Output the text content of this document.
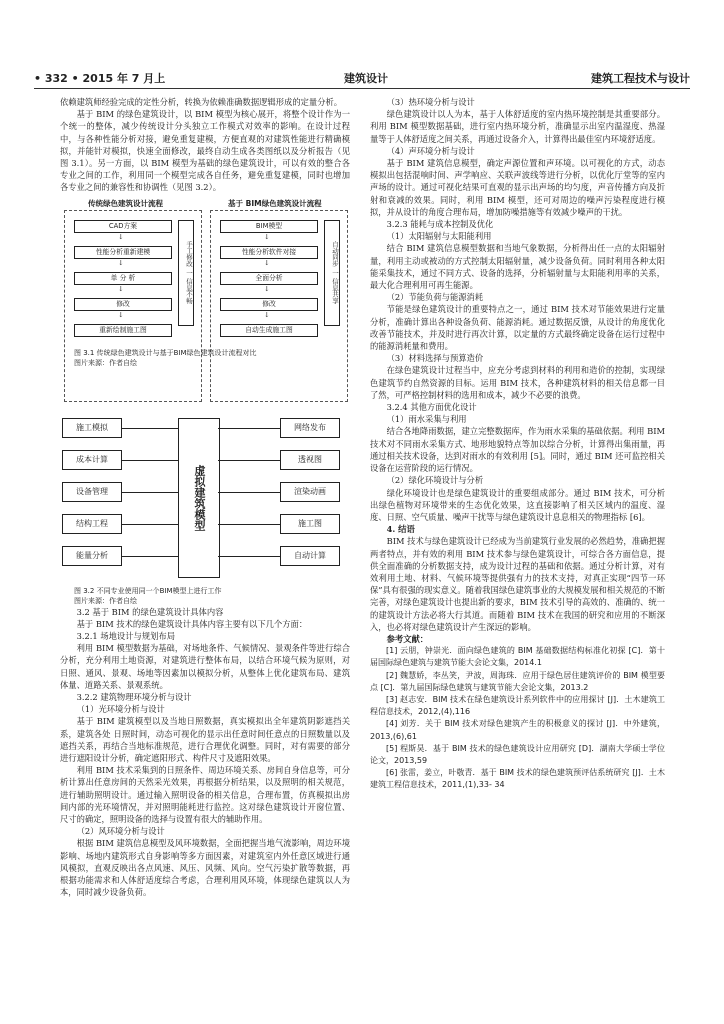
• 332 • 2015 年 7 月上	建筑设计	建筑工程技术与设计

依赖建筑师经验完成的定性分析，转换为依赖准确数据逻辑形成的定量分析。

基于 BIM 的绿色建筑设计，以 BIM 模型为核心展开，将整个设计作为一个统一的整体，减少传统设计分头独立工作模式对效率的影响。在设计过程中，与各种性能分析对接，避免重复建模，方便直观的对建筑性能进行精确模拟，并能针对模拟，快速全面修改，最终自动生成各类图纸以及分析报告（见图 3.1）。另一方面，以 BIM 模型为基础的绿色建筑设计，可以有效的整合各专业之间的工作，利用同一个模型完成各自任务，避免重复建模，同时也增加各专业之间的兼容性和协调性（见图 3.2）。

传统绿色建筑设计流程	基于 BIM绿色建筑设计流程
CAD方案
↓
性能分析重新建模
↓
单 分 析
↓
修改
↓
重新绘制施工图
手工修改 一 信息不畅
BIM模型
↓
性能分析软件对接
↓
全面分析
↓
修改
↓
自动生成施工图
自动同步 一 信息共享

图 3.1 传统绿色建筑设计与基于BIM绿色建筑设计流程对比

图片来源：作者自绘

施工模拟
成本计算
设备管理
结构工程
能量分析
虚拟建筑模型
网络发布
透视图
渲染动画
施工图
自动计算

图 3.2 不同专业使用同一个BIM模型上进行工作

图片来源：作者自绘

3.2 基于 BIM 的绿色建筑设计具体内容

基于 BIM 技术的绿色建筑设计具体内容主要有以下几个方面：

3.2.1 场地设计与规划布局

利用 BIM 模型数据为基础，对场地条件、气候情况、景观条件等进行综合分析，充分利用土地资源，对建筑进行整体布局，以结合环境气候为原则，对日照、通风、景观、场地等因素加以模拟分析，从整体上优化建筑布局、建筑体量、道路关系、景观系统。

3.2.2 建筑物理环境分析与设计

（1）光环境分析与设计

基于 BIM 建筑模型以及当地日照数据，真实模拟出全年建筑阴影遮挡关系，建筑各处 日照时间，动态可视化的显示出任意时间任意点的日照数量以及遮挡关系，再结合当地标准规范，进行合理优化调整。同时，对有需要的部分进行遮阳设计分析，确定遮阳形式、构件尺寸及遮阳效果。

利用 BIM 技术采集到的日照条件、周边环境关系、房间自身信息等，可分析计算出任意房间的天然采光效果，再根据分析结果，以及照明的相关规范，进行辅助照明设计。通过输入照明设备的相关信息，合理布置，仿真模拟出房间内部的光环境情况，并对照明能耗进行监控。这对绿色建筑设计开窗位置、尺寸的确定，照明设备的选择与设置有很大的辅助作用。

（2）风环境分析与设计

根据 BIM 建筑信息模型及风环境数据，全面把握当地气流影响，周边环境影响、场地内建筑形式自身影响等多方面因素，对建筑室内外任意区域进行通风模拟，直观反映出各点风速、风压、风频、风向。空气污染扩散等数据，再根据功能需求和人体舒适度综合考虑，合理利用风环境，体现绿色建筑以人为本，同时减少设备负荷。

（3）热环境分析与设计

绿色建筑设计以人为本，基于人体舒适度的室内热环境控制是其重要部分。利用 BIM 模型数据基础，进行室内热环境分析，准确显示出室内温湿度、热湿量等于人体舒适度之间关系，再通过设备介入，计算得出最佳室内环境舒适度。

（4）声环境分析与设计

基于 BIM 建筑信息模型，确定声源位置和声环境。以可视化的方式，动态模拟出包括混响时间、声学响应、关联声波线等进行分析，以优化厅堂等的室内声场的设计。通过可视化结果可直观的显示出声场的均匀度，声音传播方向及折射和衰减的效果。同时，利用 BIM 模型，还可对周边的噪声污染程度进行模拟，并从设计的角度合理布局，增加防噪措施等有效减少噪声的干扰。

3.2.3 能耗与成本控制及优化

（1）太阳辐射与太阳能利用

结合 BIM 建筑信息模型数据和当地气象数据，分析得出任一点的太阳辐射量，利用主动或被动的方式控制太阳辐射量，减少设备负荷。同时利用各种太阳能采集技术，通过不同方式、设备的选择，分析辐射量与太阳能利用率的关系，最大化合理利用可再生能源。

（2）节能负荷与能源消耗

节能是绿色建筑设计的重要特点之一，通过 BIM 技术对节能效果进行定量分析，准确计算出各种设备负荷、能源消耗。通过数据反馈，从设计的角度优化改善节能技术，并及时进行再次计算，以定量的方式最终确定设备在运行过程中的能源消耗量和费用。

（3）材料选择与预算造价

在绿色建筑设计过程当中，应充分考虑到材料的利用和造价的控制，实现绿色建筑节约自然资源的目标。运用 BIM 技术，各种建筑材料的相关信息都一目了然，可严格控制材料的选用和成本，减少不必要的浪费。

3.2.4 其他方面优化设计

（1）雨水采集与利用

结合各地降雨数据，建立完整数据库，作为雨水采集的基础依据。利用 BIM 技术对不同雨水采集方式、地形地貌特点等加以综合分析，计算得出集雨量，再通过相关技术设备，达到对雨水的有效利用 [5]。同时，通过 BIM 还可监控相关设备在运营阶段的运行情况。

（2）绿化环境设计与分析

绿化环境设计也是绿色建筑设计的重要组成部分。通过 BIM 技术，可分析出绿色植物对环境带来的生态优化效果，这直接影响了相关区域内的温度、湿度、日照、空气质量、噪声干扰等与绿色建筑设计息息相关的物理指标 [6]。

4. 结语

BIM 技术与绿色建筑设计已经成为当前建筑行业发展的必然趋势，准确把握两者特点，并有效的利用 BIM 技术参与绿色建筑设计，可综合各方面信息，提供全面准确的分析数据支持，成为设计过程的基础和依据。通过分析计算，对有效利用土地、材料、气候环境等提供强有力的技术支持，对真正实现“四节一环保”具有很强的现实意义。随着我国绿色建筑事业的大规模发展和相关规范的不断完善，对绿色建筑设计也提出新的要求，BIM 技术引导的高效的、准确的、统一的建筑设计方法必将大行其道。而随着 BIM 技术在我国的研究和应用的不断深入，也必将对绿色建筑设计产生深远的影响。

参考文献：

[1] 云朋，钟崇光．面向绿色建筑的 BIM 基础数据结构标准化初探 [C]．第十届国际绿色建筑与建筑节能大会论文集，2014.1

[2] 魏慧娇，李丛笑，尹波，周海珠．应用于绿色居住建筑评价的 BIM 模型要点 [C]．第九届国际绿色建筑与建筑节能大会论文集，2013.2

[3] 赵志安．BIM 技术在绿色建筑设计系列软件中的应用探讨 [J]．土木建筑工程信息技术，2012,(4),116

[4] 刘芳．关于 BIM 技术对绿色建筑产生的积极意义的探讨 [J]．中外建筑，2013,(6),61

[5] 程斯昊．基于 BIM 技术的绿色建筑设计应用研究 [D]．湖南大学硕士学位论文，2013,59

[6] 张雷，姜立，叶敬青．基于 BIM 技术的绿色建筑预评估系统研究 [J]．土木建筑工程信息技术，2011,(1),33- 34
